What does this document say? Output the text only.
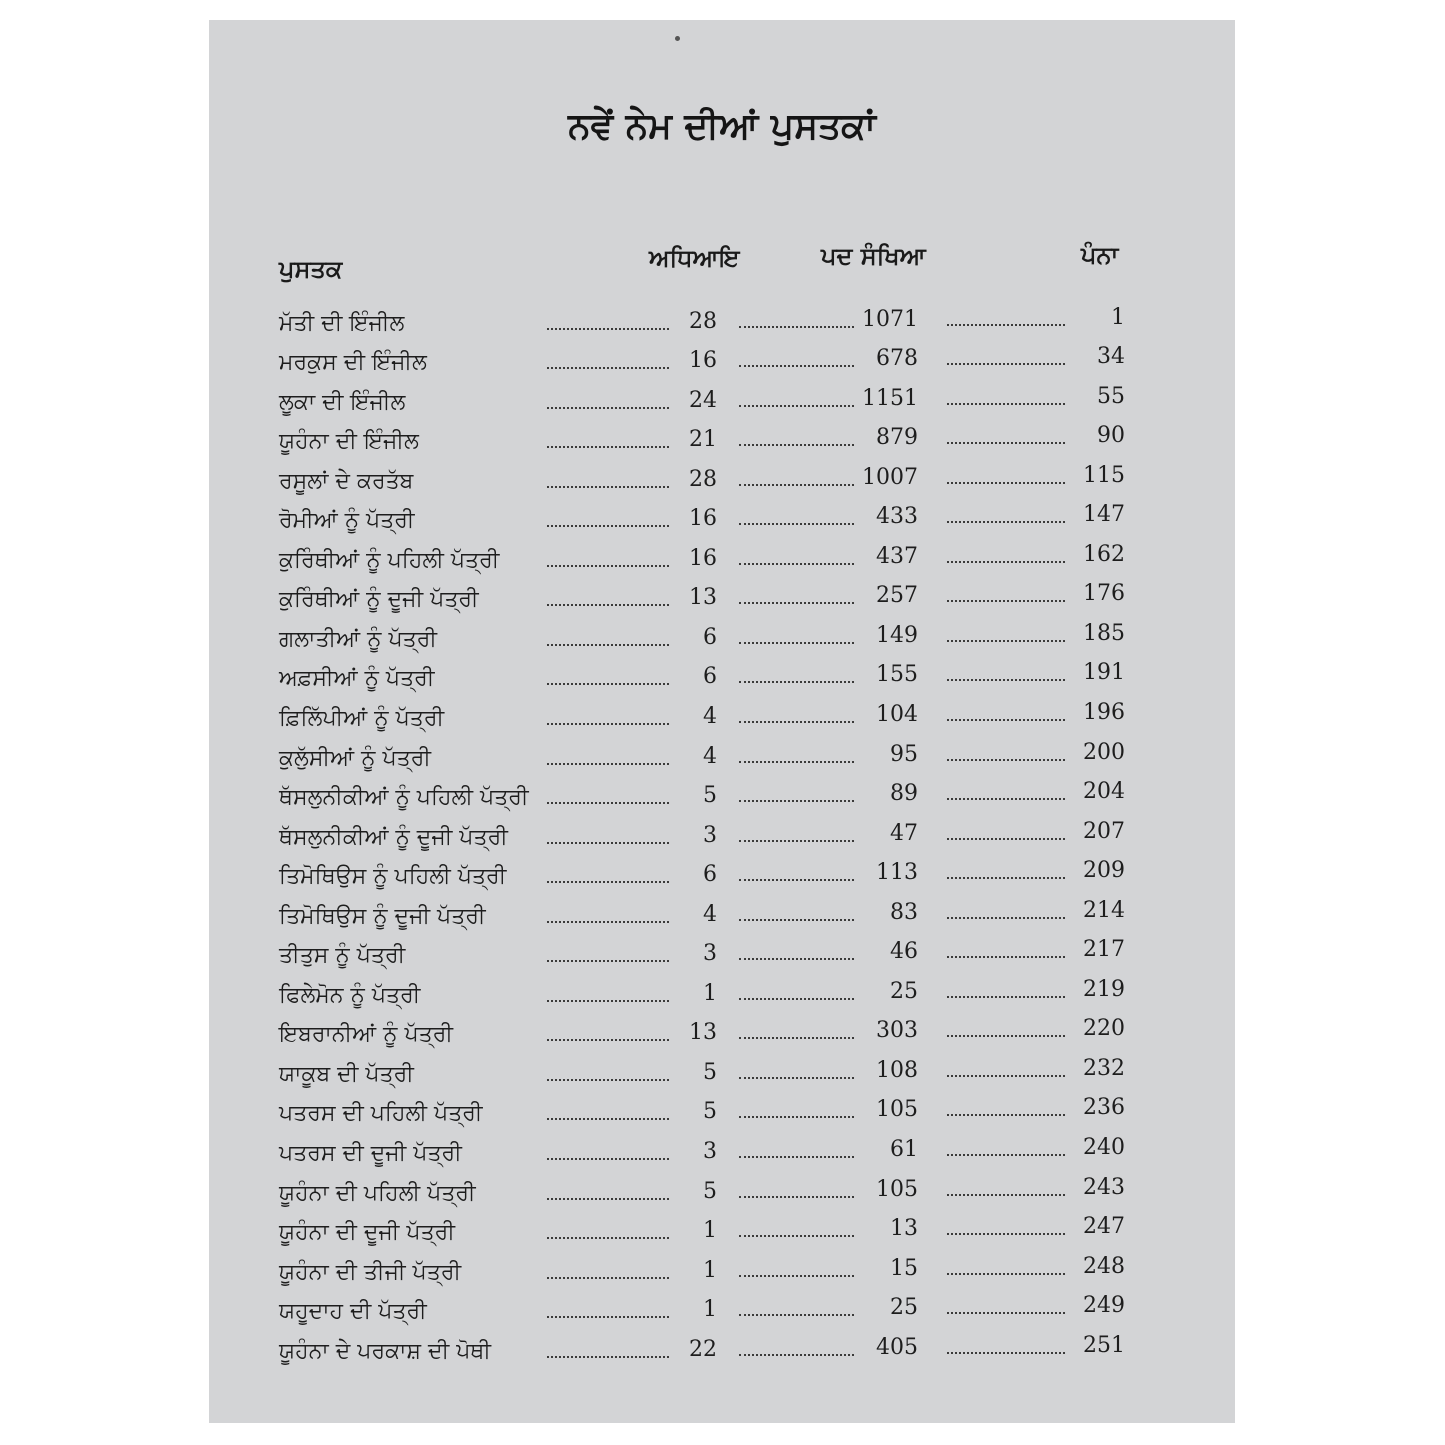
ਨਵੇਂ ਨੇਮ ਦੀਆਂ ਪੁਸਤਕਾਂ
ਪੁਸਤਕ	ਅਧਿਆਇ	ਪਦ ਸੰਖਿਆ	ਪੰਨਾ
ਮੱਤੀ ਦੀ ਇੰਜੀਲ	28	1071	1
ਮਰਕੁਸ ਦੀ ਇੰਜੀਲ	16	678	34
ਲੂਕਾ ਦੀ ਇੰਜੀਲ	24	1151	55
ਯੂਹੰਨਾ ਦੀ ਇੰਜੀਲ	21	879	90
ਰਸੂਲਾਂ ਦੇ ਕਰਤੱਬ	28	1007	115
ਰੋਮੀਆਂ ਨੂੰ ਪੱਤ੍ਰੀ	16	433	147
ਕੁਰਿੰਥੀਆਂ ਨੂੰ ਪਹਿਲੀ ਪੱਤ੍ਰੀ	16	437	162
ਕੁਰਿੰਥੀਆਂ ਨੂੰ ਦੂਜੀ ਪੱਤ੍ਰੀ	13	257	176
ਗਲਾਤੀਆਂ ਨੂੰ ਪੱਤ੍ਰੀ	6	149	185
ਅਫ਼ਸੀਆਂ ਨੂੰ ਪੱਤ੍ਰੀ	6	155	191
ਫ਼ਿਲਿੱਪੀਆਂ ਨੂੰ ਪੱਤ੍ਰੀ	4	104	196
ਕੁਲੁੱਸੀਆਂ ਨੂੰ ਪੱਤ੍ਰੀ	4	95	200
ਥੱਸਲੁਨੀਕੀਆਂ ਨੂੰ ਪਹਿਲੀ ਪੱਤ੍ਰੀ	5	89	204
ਥੱਸਲੁਨੀਕੀਆਂ ਨੂੰ ਦੂਜੀ ਪੱਤ੍ਰੀ	3	47	207
ਤਿਮੋਥਿਉਸ ਨੂੰ ਪਹਿਲੀ ਪੱਤ੍ਰੀ	6	113	209
ਤਿਮੋਥਿਉਸ ਨੂੰ ਦੂਜੀ ਪੱਤ੍ਰੀ	4	83	214
ਤੀਤੁਸ ਨੂੰ ਪੱਤ੍ਰੀ	3	46	217
ਫਿਲੇਮੋਨ ਨੂੰ ਪੱਤ੍ਰੀ	1	25	219
ਇਬਰਾਨੀਆਂ ਨੂੰ ਪੱਤ੍ਰੀ	13	303	220
ਯਾਕੂਬ ਦੀ ਪੱਤ੍ਰੀ	5	108	232
ਪਤਰਸ ਦੀ ਪਹਿਲੀ ਪੱਤ੍ਰੀ	5	105	236
ਪਤਰਸ ਦੀ ਦੂਜੀ ਪੱਤ੍ਰੀ	3	61	240
ਯੂਹੰਨਾ ਦੀ ਪਹਿਲੀ ਪੱਤ੍ਰੀ	5	105	243
ਯੂਹੰਨਾ ਦੀ ਦੂਜੀ ਪੱਤ੍ਰੀ	1	13	247
ਯੂਹੰਨਾ ਦੀ ਤੀਜੀ ਪੱਤ੍ਰੀ	1	15	248
ਯਹੂਦਾਹ ਦੀ ਪੱਤ੍ਰੀ	1	25	249
ਯੂਹੰਨਾ ਦੇ ਪਰਕਾਸ਼ ਦੀ ਪੋਥੀ	22	405	251
